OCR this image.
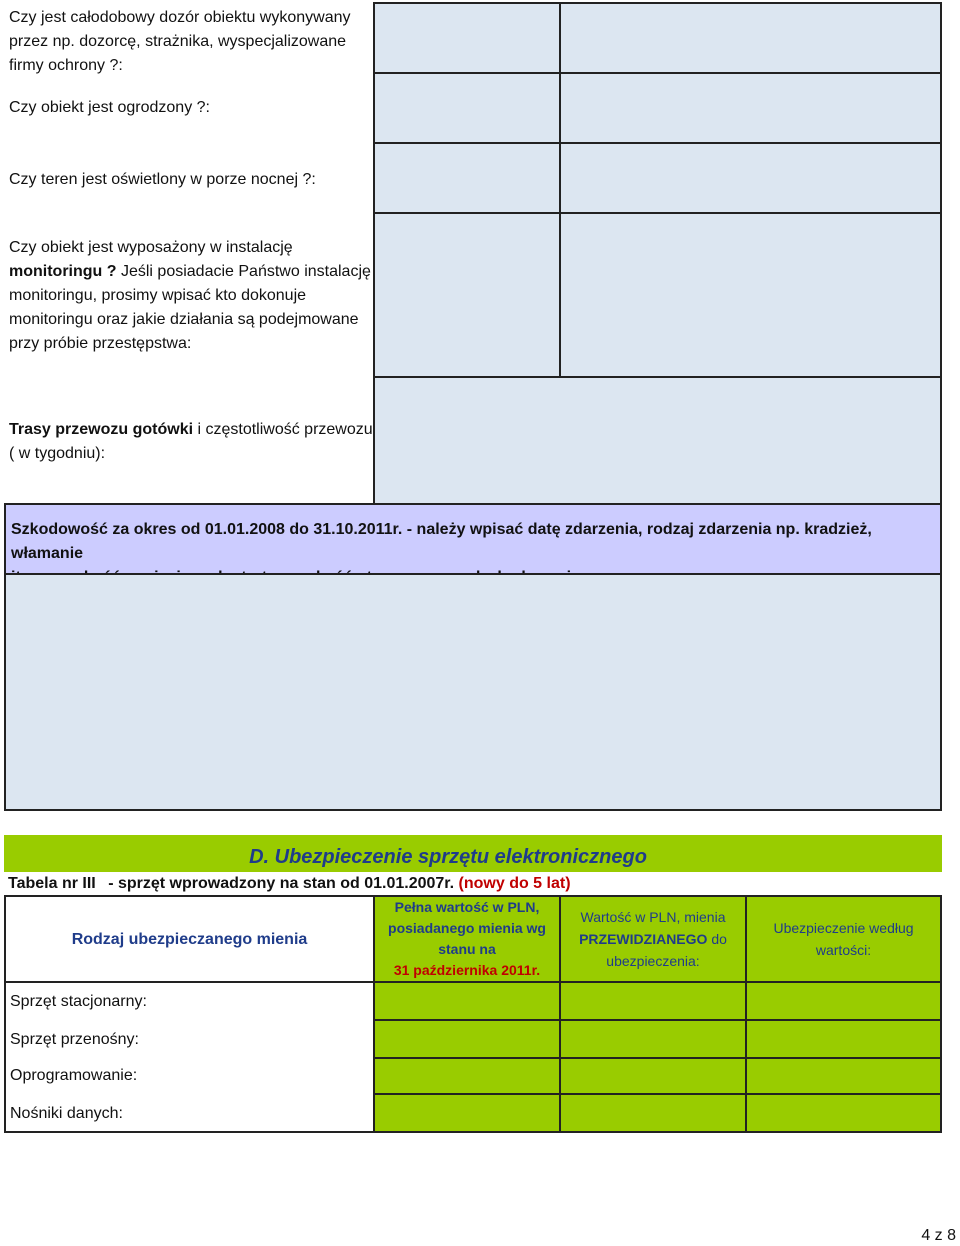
Czy jest całodobowy dozór obiektu wykonywany przez np. dozorcę, strażnika, wyspecjalizowane firmy ochrony ?:
Czy obiekt jest ogrodzony ?:
Czy teren jest oświetlony w porze nocnej ?:
Czy obiekt jest wyposażony w instalację
monitoringu ? Jeśli posiadacie Państwo instalację monitoringu, prosimy wpisać kto dokonuje monitoringu oraz jakie działania są podejmowane przy próbie przestępstwa:
Trasy przewozu gotówki i częstotliwość przewozu ( w tygodniu):
Szkodowość za okres od 01.01.2008 do 31.10.2011r. - należy wpisać datę zdarzenia, rodzaj zdarzenia np. kradzież, włamanie
D. Ubezpieczenie sprzętu elektronicznego
Tabela nr III - sprzęt wprowadzony na stan od 01.01.2007r. (nowy do 5 lat)
Rodzaj ubezpieczanego mienia
Pełna wartość w PLN,
posiadanego mienia wg
stanu na
31 października 2011r.
Wartość w PLN, mienia
PRZEWIDZIANEGO do
ubezpieczenia:
Ubezpieczenie według
wartości:
Sprzęt stacjonarny:
Sprzęt przenośny:
Oprogramowanie:
Nośniki danych:
4 z 8
